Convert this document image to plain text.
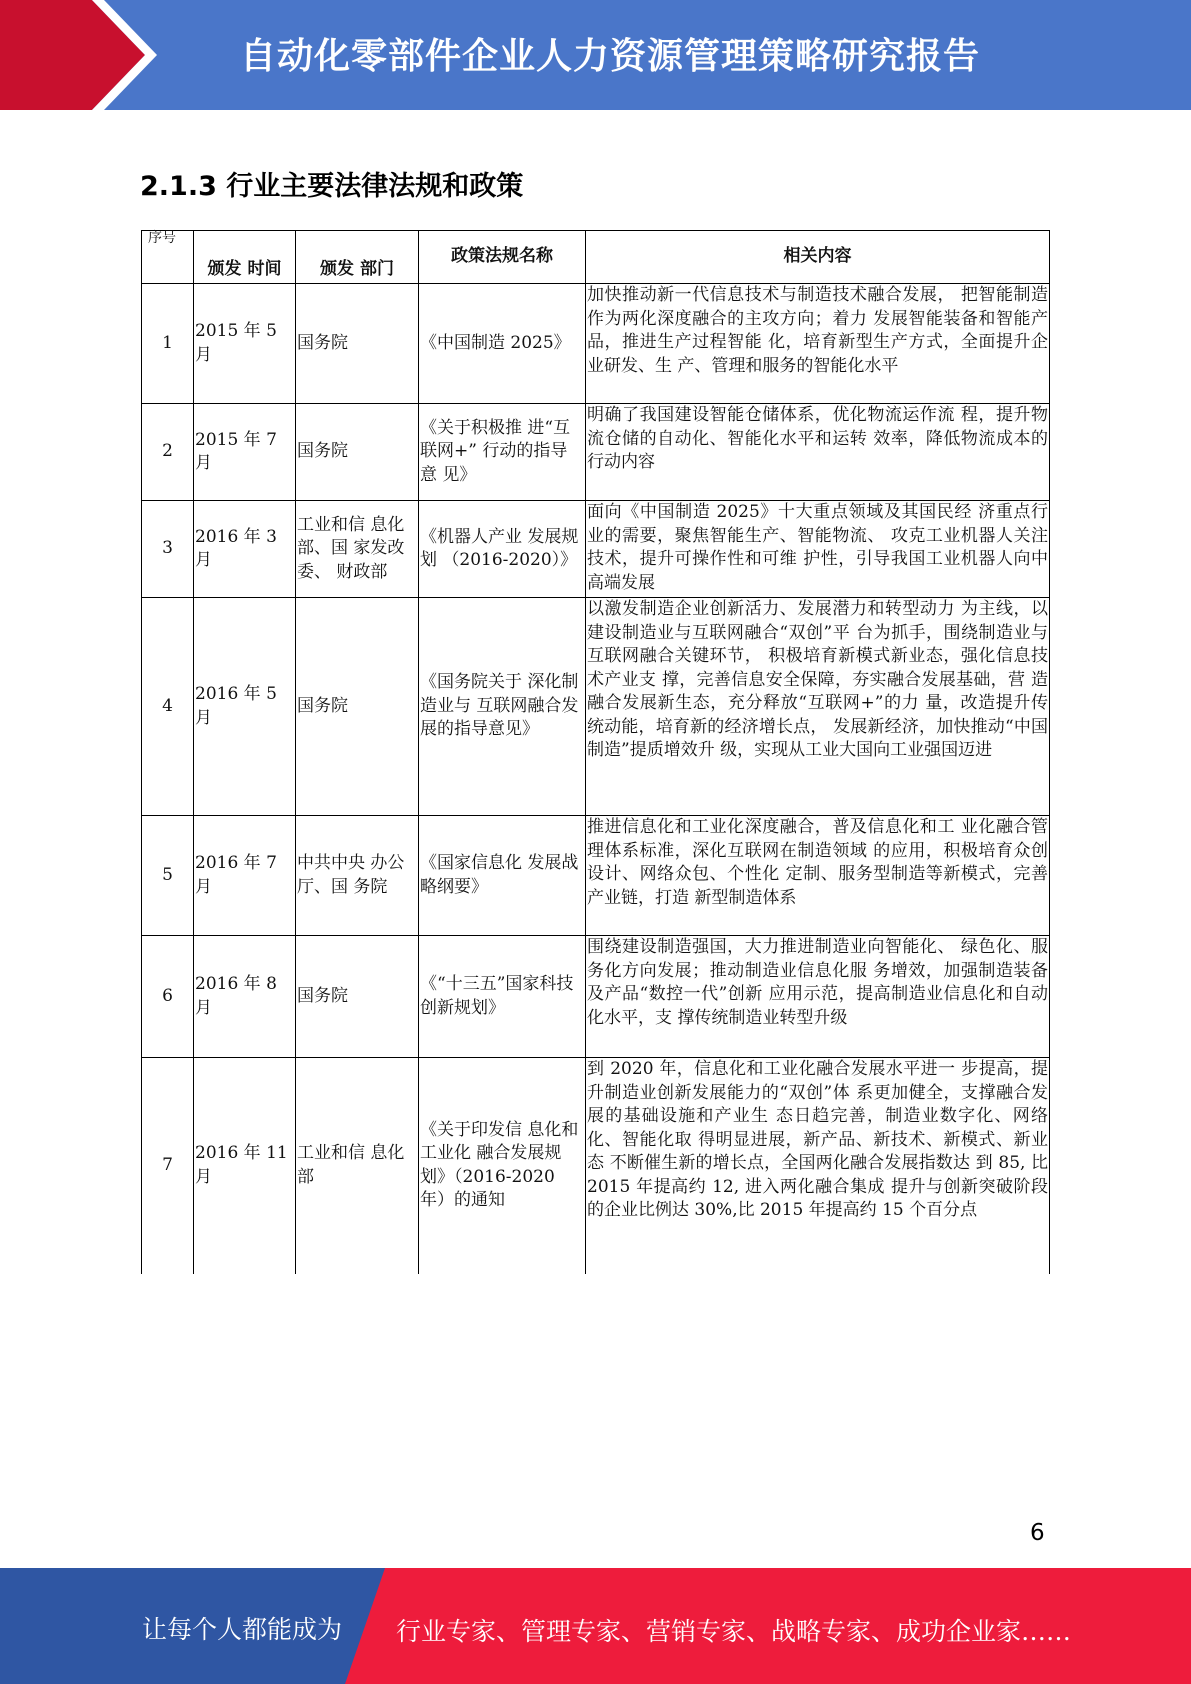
自动化零部件企业人力资源管理策略研究报告
2.1.3 行业主要法律法规和政策
序号	颁发 时间	颁发 部门	政策法规名称	相关内容
1	2015 年 5 月	国务院	《中国制造 2025》	加快推动新一代信息技术与制造技术融合发展， 把智能制造作为两化深度融合的主攻方向；着力 发展智能装备和智能产品，推进生产过程智能 化，培育新型生产方式，全面提升企业研发、生 产、管理和服务的智能化水平
2	2015 年 7 月	国务院	《关于积极推 进“互联网+” 行动的指导意 见》	明确了我国建设智能仓储体系，优化物流运作流 程，提升物流仓储的自动化、智能化水平和运转 效率，降低物流成本的行动内容
3	2016 年 3 月	工业和信 息化部、国 家发改委、 财政部	《机器人产业 发展规划 （2016-2020）》	面向《中国制造 2025》十大重点领域及其国民经 济重点行业的需要，聚焦智能生产、智能物流、 攻克工业机器人关注技术，提升可操作性和可维 护性，引导我国工业机器人向中高端发展
4	2016 年 5 月	国务院	《国务院关于 深化制造业与 互联网融合发 展的指导意见》	以激发制造企业创新活力、发展潜力和转型动力 为主线，以建设制造业与互联网融合“双创”平 台为抓手，围绕制造业与互联网融合关键环节， 积极培育新模式新业态，强化信息技术产业支 撑，完善信息安全保障，夯实融合发展基础，营 造融合发展新生态，充分释放“互联网+”的力 量，改造提升传统动能，培育新的经济增长点， 发展新经济，加快推动“中国制造”提质增效升 级，实现从工业大国向工业强国迈进
5	2016 年 7 月	中共中央 办公厅、国 务院	《国家信息化 发展战略纲要》	推进信息化和工业化深度融合，普及信息化和工 业化融合管理体系标准，深化互联网在制造领域 的应用，积极培育众创设计、网络众包、个性化 定制、服务型制造等新模式，完善产业链，打造 新型制造体系
6	2016 年 8 月	国务院	《“十三五”国家科技创新规划》	围绕建设制造强国，大力推进制造业向智能化、 绿色化、服务化方向发展；推动制造业信息化服 务增效，加强制造装备及产品“数控一代”创新 应用示范，提高制造业信息化和自动化水平，支 撑传统制造业转型升级
7	2016 年 11 月	工业和信 息化部	《关于印发信 息化和工业化 融合发展规划》（2016-2020 年）的通知	到 2020 年，信息化和工业化融合发展水平进一 步提高，提升制造业创新发展能力的“双创”体 系更加健全，支撑融合发展的基础设施和产业生 态日趋完善，制造业数字化、网络化、智能化取 得明显进展，新产品、新技术、新模式、新业态 不断催生新的增长点，全国两化融合发展指数达 到 85, 比 2015 年提高约 12, 进入两化融合集成 提升与创新突破阶段的企业比例达 30%,比 2015 年提高约 15 个百分点
6
让每个人都能成为 行业专家、管理专家、营销专家、战略专家、成功企业家……
